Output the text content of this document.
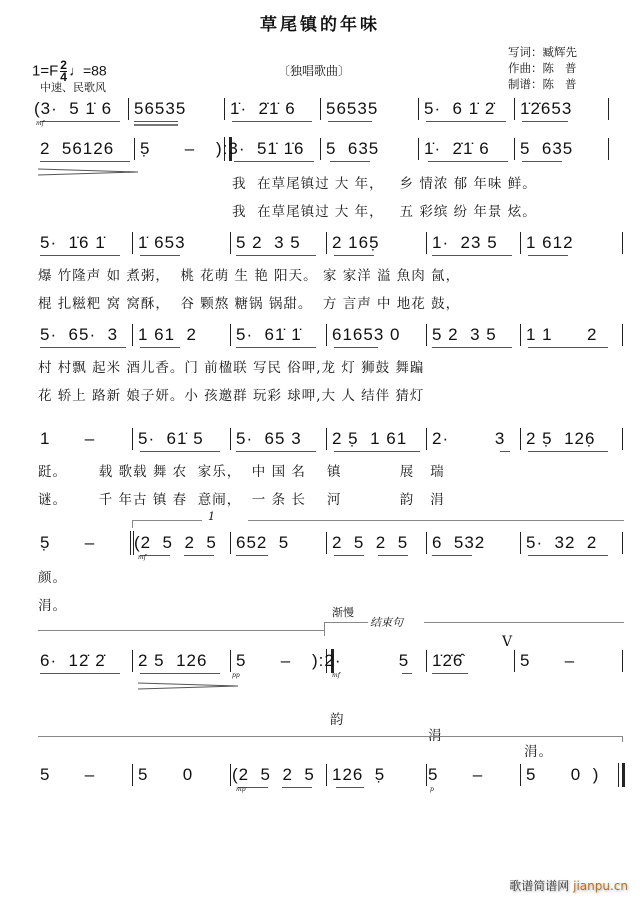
草尾镇的年味
$1=F \frac{2}{4}$ ♩=88
中速、民歌风
〔独唱歌曲〕
写词：臧辉先
作曲：陈   普
制谱：陈   普
(3·  5 1̇ 6 56535	1̇·  2̇1̇ 6 56535	5·  6 1̇ 2̇ 1̇2̇653
mf
2  56126 5̣      – ):3·  51̇ 1̇6 5  635	1̇·  2̇1̇ 6 5  635
我  在草尾镇过 大 年，   乡 情浓 郁 年味 鲜。
我  在草尾镇过 大 年，   五 彩缤 纷 年景 炫。
5·  1̇6 1̇ 1̇ 653	5 2  3 5 2 165̣	1·  23 5 1 612
爆 竹隆声 如 煮粥，  桃 花萌 生 艳 阳天。 家 家洋 溢 魚肉 氤，
棍 扎糍粑 窝 窝酥，  谷 颗熬 糖锅 锅甜。  方 言声 中 地花 鼓，
5·  65·  3 1 61  2 5·  61̇ 1̇ 61653 0 5 2  3 5 1 1      2
村 村飘 起米 酒儿香。门 前楹联 写民 俗呷,龙 灯 狮鼓 舞蹁
花 轿上 路新 娘子妍。小 孩邀群 玩彩 球呷,大 人 结伴 猜灯
1      –	5·  61̇ 5 5·  65 3 2 5̣  1 61 2·        3 2 5̣  126̣
跹。      载 歌载 舞 农  家乐，  中 国 名    镇           展   瑞
谜。      千 年古 镇 春  意闹，  一 条 长    河           韵   涓
1
5̣      – (2  5  2  5 652  5	2  5  2  5 6  532 5·  32  2
mf
颜。
涓。	渐慢
结束句
6·  12̇ 2̇ 2 5  126 5      – ):2·          5 1̇2̇6̂
V
5      –
pp	mf

韵

涓

涓。

5      –	5      0 (2  5  2  5 126  5̣	5      –	5      0  )
mp	p
歌谱简谱网 jianpu.cn
